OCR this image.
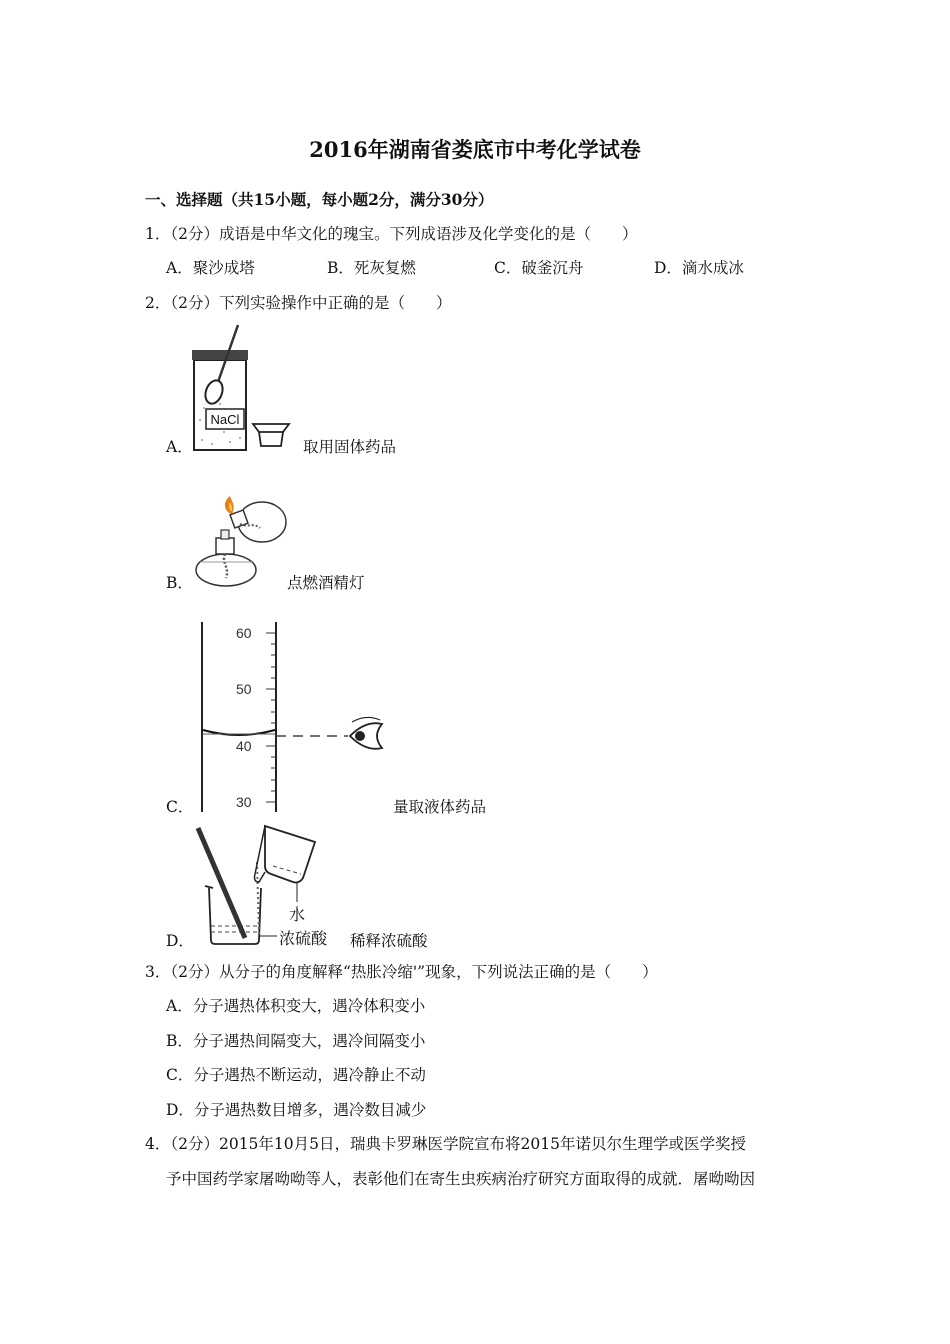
2016年湖南省娄底市中考化学试卷
一、选择题（共15小题，每小题2分，满分30分）
1．（2分）成语是中华文化的瑰宝。下列成语涉及化学变化的是（　　）
A．聚沙成塔	B．死灰复燃	C．破釜沉舟	D．滴水成冰
2．（2分）下列实验操作中正确的是（　　）
NaCl
A．	取用固体药品
B．	点燃酒精灯
60
50
40
30
C．	量取液体药品
水
浓硫酸
D．	稀释浓硫酸
3．（2分）从分子的角度解释“热胀冷缩'”现象，下列说法正确的是（　　）
A．分子遇热体积变大，遇冷体积变小
B．分子遇热间隔变大，遇冷间隔变小
C．分子遇热不断运动，遇冷静止不动
D．分子遇热数目增多，遇冷数目减少
4．（2分）2015年10月5日，瑞典卡罗琳医学院宣布将2015年诺贝尔生理学或医学奖授
予中国药学家屠呦呦等人，表彰他们在寄生虫疾病治疗研究方面取得的成就．屠呦呦因
